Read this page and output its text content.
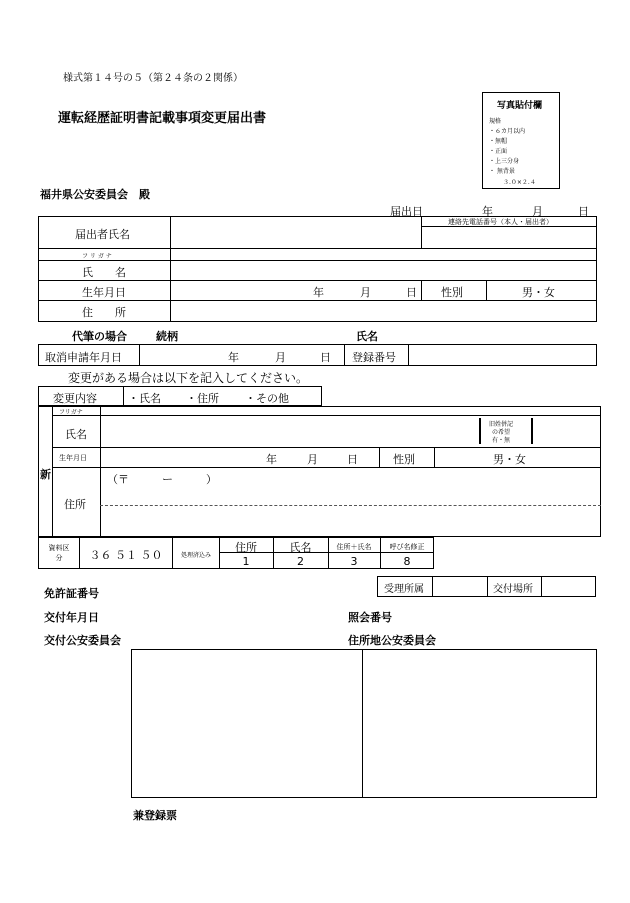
様式第１４号の５（第２４条の２関係）
運転経歴証明書記載事項変更届出書
写真貼付欄
規格
・６カ月以内
・無帽
・正面
・上三分身
・ 無背景
３.０×２.４
福井県公安委員会　殿
届出日	年	月	日
連絡先電話番号（本人・届出者）
届出者氏名
フ リ ガ ナ
氏　　名
生年月日	年	月	日 性別	男・女
住　　所
代筆の場合	続柄	氏名
取消申請年月日	年	月	日 登録番号
変更がある場合は以下を記入してください。
変更内容	・氏名 ・住所 ・その他
新
フリガナ
氏名
旧姓併記
の希望
有・無
生年月日	年	月	日	性別	男・女
住所
（〒　　　ー　　　）
資料区
分	３６ ５１ ５０	処理済込み
住所
1
氏名
2
住所＋氏名
3
呼び名修正
8
受理所属	交付場所
免許証番号
交付年月日	照会番号
交付公安委員会	住所地公安委員会
兼登録票
